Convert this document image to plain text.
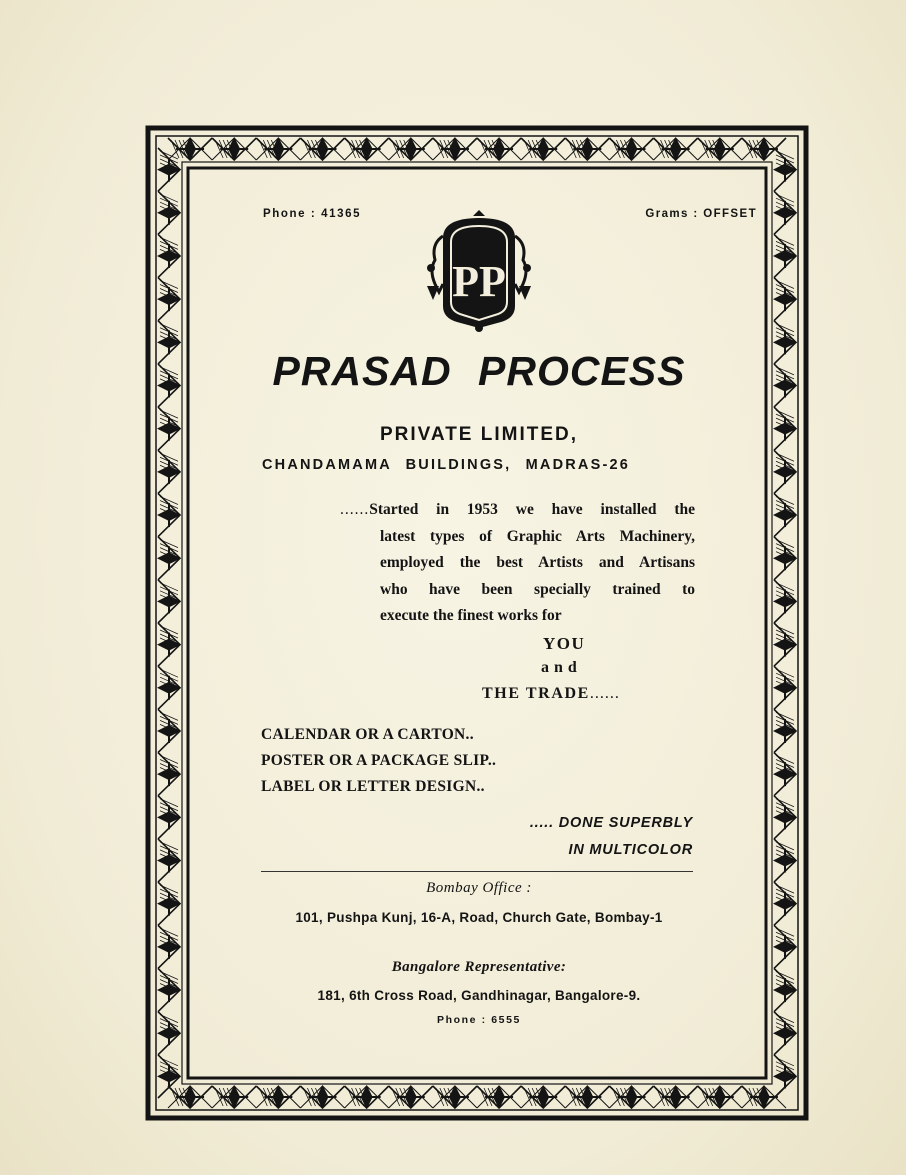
Phone : 41365	Grams : OFFSET
PP
PRASAD PROCESS
PRIVATE LIMITED,
CHANDAMAMA BUILDINGS, MADRAS-26
......Started in 1953 we have installed the
latest types of Graphic Arts Machinery,
employed the best Artists and Artisans
who have been specially trained to
execute the finest works for
YOU
and
THE TRADE......
CALENDAR OR A CARTON..
POSTER OR A PACKAGE SLIP..
LABEL OR LETTER DESIGN..
..... DONE SUPERBLY
IN MULTICOLOR
Bombay Office :
101, Pushpa Kunj, 16-A, Road, Church Gate, Bombay-1
Bangalore Representative:
181, 6th Cross Road, Gandhinagar, Bangalore-9.
Phone : 6555
